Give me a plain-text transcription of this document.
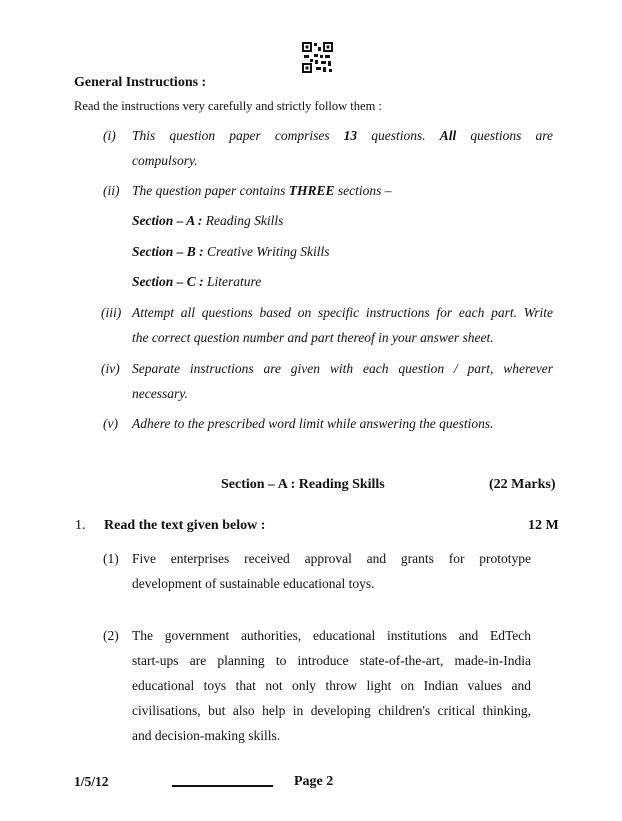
General Instructions :
Read the instructions very carefully and strictly follow them :
(i) This question paper comprises 13 questions. All questions are
compulsory.
(ii) The question paper contains THREE sections –
Section – A : Reading Skills
Section – B : Creative Writing Skills
Section – C : Literature
(iii) Attempt all questions based on specific instructions for each part. Write
the correct question number and part thereof in your answer sheet.
(iv) Separate instructions are given with each question / part, wherever
necessary.
(v) Adhere to the prescribed word limit while answering the questions.
Section – A : Reading Skills	(22 Marks)
1. Read the text given below :	12 M
(1) Five enterprises received approval and grants for prototype
development of sustainable educational toys.
(2) The government authorities, educational institutions and EdTech
start-ups are planning to introduce state-of-the-art, made-in-India
educational toys that not only throw light on Indian values and
civilisations, but also help in developing children's critical thinking,
and decision-making skills.
1/5/12	Page 2
